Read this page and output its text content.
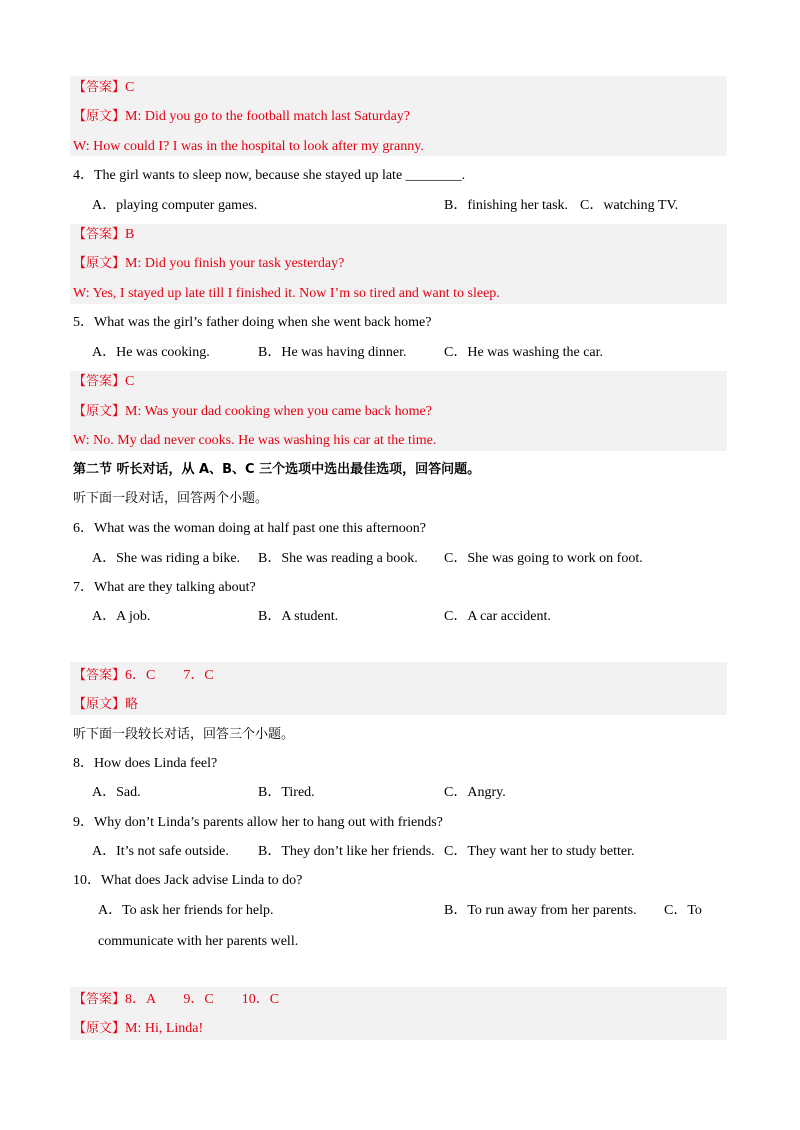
【答案】C
【原文】M: Did you go to the football match last Saturday?
W: How could I? I was in the hospital to look after my granny.
4．The girl wants to sleep now, because she stayed up late ________.
A．playing computer games.	B．finishing her task. C．watching TV.
【答案】B
【原文】M: Did you finish your task yesterday?
W: Yes, I stayed up late till I finished it. Now I’m so tired and want to sleep.
5．What was the girl’s father doing when she went back home?
A．He was cooking.	B．He was having dinner.	C．He was washing the car.
【答案】C
【原文】M: Was your dad cooking when you came back home?
W: No. My dad never cooks. He was washing his car at the time.
第二节 听长对话，从 A、B、C 三个选项中选出最佳选项，回答问题。
听下面一段对话，回答两个小题。
6．What was the woman doing at half past one this afternoon?
A．She was riding a bike. B．She was reading a book. C．She was going to work on foot.
7．What are they talking about?
A．A job.	B．A student.	C．A car accident.
【答案】6．C　　7．C
【原文】略
听下面一段较长对话，回答三个小题。
8．How does Linda feel?
A．Sad.	B．Tired.	C．Angry.
9．Why don’t Linda’s parents allow her to hang out with friends?
A．It’s not safe outside. B．They don’t like her friends. C．They want her to study better.
10．What does Jack advise Linda to do?
A．To ask her friends for help.	B．To run away from her parents. C．To
communicate with her parents well.
【答案】8．A　　9．C　　10．C
【原文】M: Hi, Linda!
